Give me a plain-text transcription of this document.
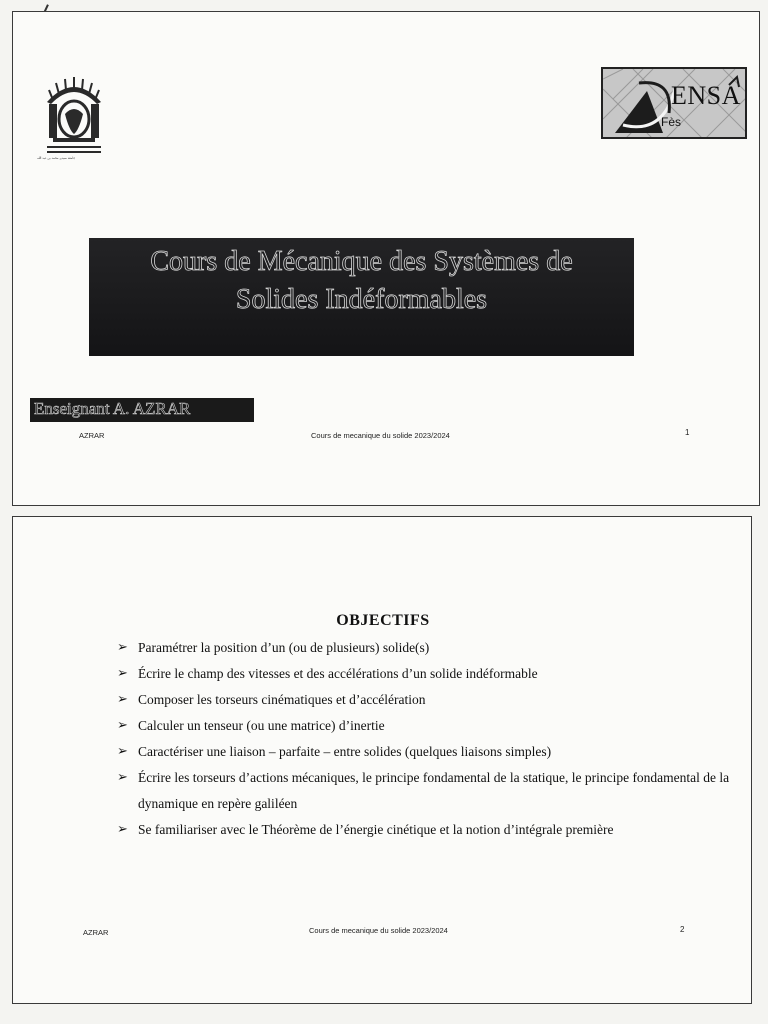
جامعة سيدي محمد بن عبد الله
ENSA
Fès
Cours de Mécanique des Systèmes de
Solides Indéformables
Enseignant A. AZRAR
AZRAR	Cours de mecanique du solide 2023/2024	1
OBJECTIFS
➢ Paramétrer la position d’un (ou de plusieurs) solide(s)
➢ Écrire le champ des vitesses et des accélérations d’un solide indéformable
➢ Composer les torseurs cinématiques et d’accélération
➢ Calculer un tenseur (ou une matrice) d’inertie
➢ Caractériser une liaison – parfaite – entre solides (quelques liaisons simples)
➢ Écrire les torseurs d’actions mécaniques, le principe fondamental de la statique, le principe fondamental de la dynamique en repère galiléen
➢ Se familiariser avec le Théorème de l’énergie cinétique et la notion d’intégrale première
AZRAR	Cours de mecanique du solide 2023/2024	2
